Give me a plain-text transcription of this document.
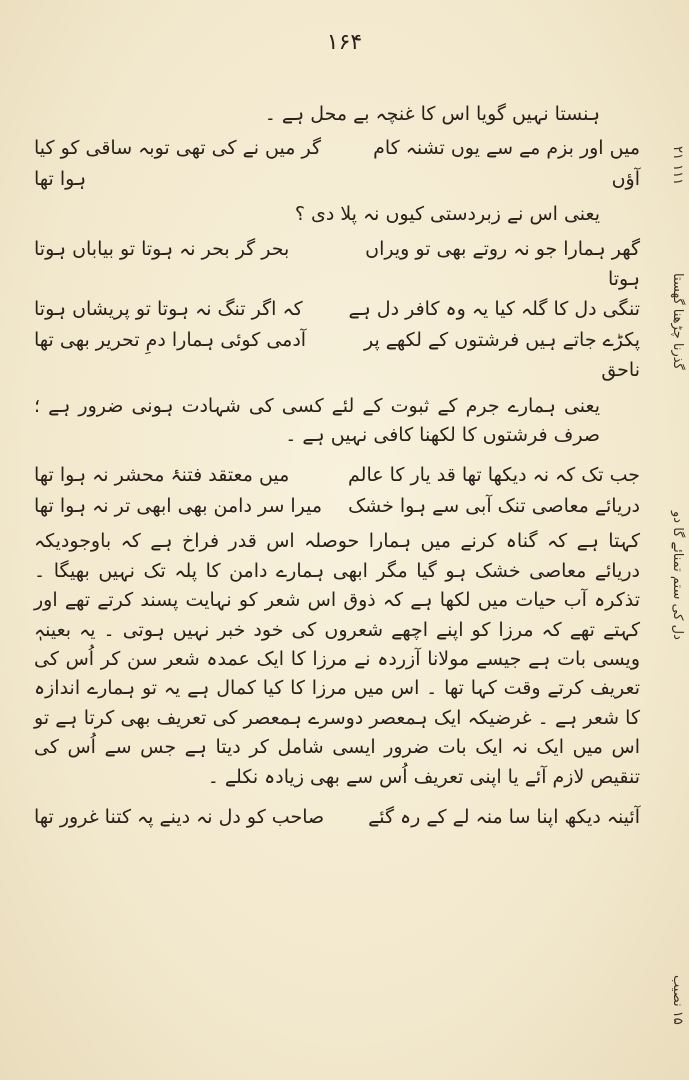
۱۶۴
۱۱۱ ۲۱
گذرنا چڑھنا گھستا
دل کی ستم تمنائے گا دو
۱۵ نصیب

ہنستا نہیں گویا اس کا غنچہ بے محل ہے ۔

میں اور بزم مے سے یوں تشنہ کام آؤں
گر میں نے کی تھی توبہ ساقی کو کیا ہوا تھا

یعنی اس نے زبردستی کیوں نہ پلا دی ؟

گھر ہمارا جو نہ روتے بھی تو ویراں ہوتا
بحر گر بحر نہ ہوتا تو بیاباں ہوتا
تنگی دل کا گلہ کیا یہ وہ کافر دل ہے
کہ اگر تنگ نہ ہوتا تو پریشاں ہوتا
پکڑے جاتے ہیں فرشتوں کے لکھے پر ناحق
آدمی کوئی ہمارا دمِ تحریر بھی تھا

یعنی ہمارے جرم کے ثبوت کے لئے کسی کی شہادت ہونی ضرور ہے ؛ صرف فرشتوں کا لکھنا کافی نہیں ہے ۔

جب تک کہ نہ دیکھا تھا قد یار کا عالم
میں معتقد فتنۂ محشر نہ ہوا تھا
دریائے معاصی تنک آبی سے ہوا خشک
میرا سر دامن بھی ابھی تر نہ ہوا تھا

کہتا ہے کہ گناہ کرنے میں ہمارا حوصلہ اس قدر فراخ ہے کہ باوجودیکہ دریائے معاصی خشک ہو گیا مگر ابھی ہمارے دامن کا پلہ تک نہیں بھیگا ۔ تذکرہ آب حیات میں لکھا ہے کہ ذوق اس شعر کو نہایت پسند کرتے تھے اور کہتے تھے کہ مرزا کو اپنے اچھے شعروں کی خود خبر نہیں ہوتی ۔ یہ بعینہٖ ویسی بات ہے جیسے مولانا آزردہ نے مرزا کا ایک عمدہ شعر سن کر اُس کی تعریف کرتے وقت کہا تھا ۔ اس میں مرزا کا کیا کمال ہے یہ تو ہمارے اندازہ کا شعر ہے ۔ غرضیکہ ایک ہمعصر دوسرے ہمعصر کی تعریف بھی کرتا ہے تو اس میں ایک نہ ایک بات ضرور ایسی شامل کر دیتا ہے جس سے اُس کی تنقیص لازم آئے یا اپنی تعریف اُس سے بھی زیادہ نکلے ۔

آئینہ دیکھ اپنا سا منہ لے کے رہ گئے
صاحب کو دل نہ دینے پہ کتنا غرور تھا
